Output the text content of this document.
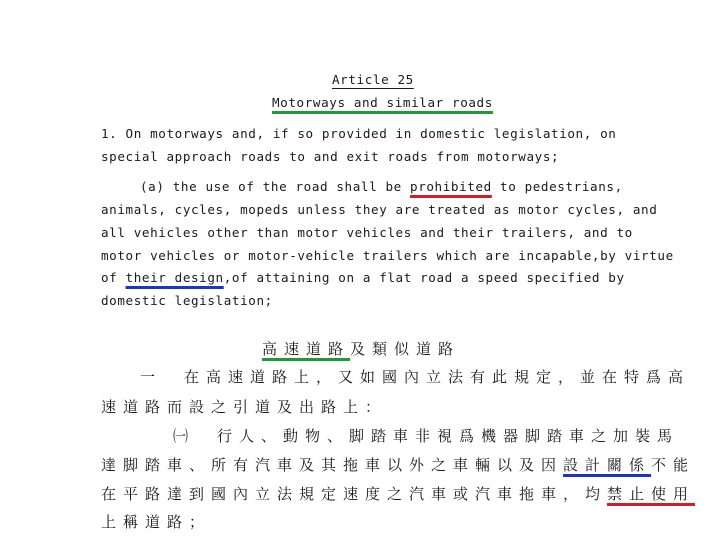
Article 25
Motorways and similar roads
1. On motorways and, if so provided in domestic legislation, on
special approach roads to and exit roads from motorways;
(a) the use of the road shall be prohibited to pedestrians,
animals, cycles, mopeds unless they are treated as motor cycles, and
all vehicles other than motor vehicles and their trailers, and to
motor vehicles or motor-vehicle trailers which are incapable,by virtue
of their design,of attaining on a flat road a speed specified by
domestic legislation;
高速道路及類似道路
一　在高速道路上，又如國內立法有此規定，並在特爲高
速道路而設之引道及出路上：
㈠　行人、動物、脚踏車非視爲機器脚踏車之加裝馬
達脚踏車、所有汽車及其拖車以外之車輛以及因設計關係不能
在平路達到國內立法規定速度之汽車或汽車拖車，均禁止使用
上稱道路；
